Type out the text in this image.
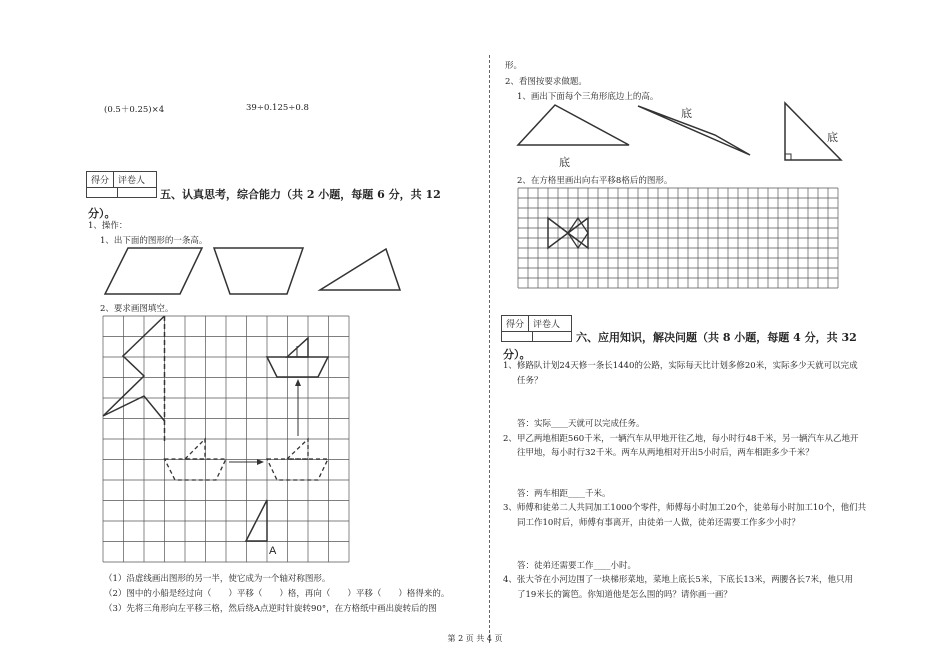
(0.5＋0.25)×4	39÷0.125÷0.8
得分	评卷人
五、认真思考，综合能力（共 2 小题，每题 6 分，共 12
分）。
1、操作：
1、出下面的图形的一条高。
2、要求画图填空。
A
（1）沿虚线画出图形的另一半，使它成为一个轴对称图形。
（2）图中的小船是经过向（　　）平移（　　）格，再向（　　）平移（　　）格得来的。
（3）先将三角形向左平移三格，然后绕A点逆时针旋转90°，在方格纸中画出旋转后的图
形。
2、看图按要求做题。
1、画出下面每个三角形底边上的高。
底
底
底
2、在方格里画出向右平移8格后的图形。
得分	评卷人
六、应用知识，解决问题（共 8 小题，每题 4 分，共 32
分）。
1、修路队计划24天修一条长1440的公路，实际每天比计划多修20米，实际多少天就可以完成
任务？
答：实际____天就可以完成任务。
2、甲乙两地相距560千米，一辆汽车从甲地开往乙地，每小时行48千米，另一辆汽车从乙地开
往甲地，每小时行32千米。两车从两地相对开出5小时后，两车相距多少千米？
答：两车相距____千米。
3、师傅和徒弟二人共同加工1000个零件，师傅每小时加工20个，徒弟每小时加工10个，他们共
同工作10时后，师傅有事离开，由徒弟一人做，徒弟还需要工作多少小时？
答：徒弟还需要工作____小时。
4、张大爷在小河边围了一块梯形菜地，菜地上底长5米，下底长13米，两腰各长7米，他只用
了19米长的篱笆。你知道他是怎么围的吗？请你画一画？
第 2 页 共 4 页
